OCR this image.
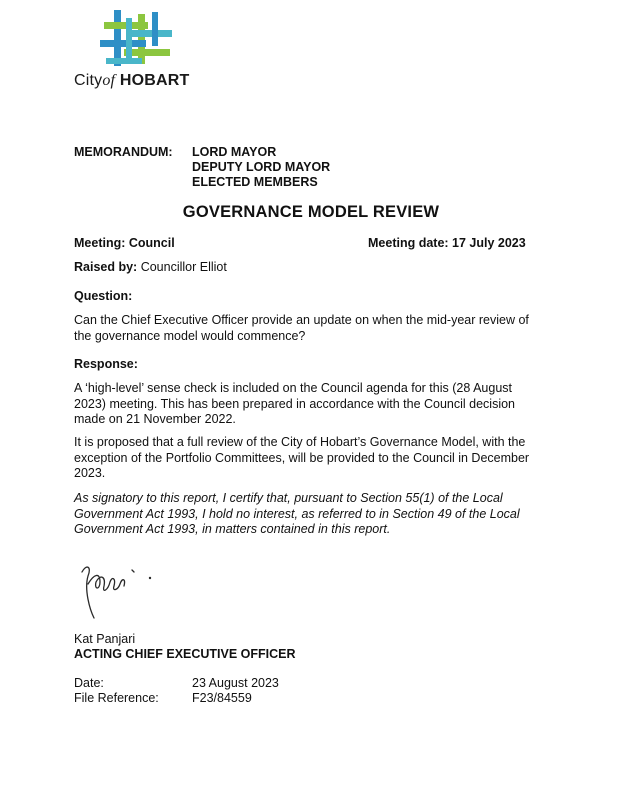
Cityof HOBART
MEMORANDUM: LORD MAYOR
DEPUTY LORD MAYOR
ELECTED MEMBERS
GOVERNANCE MODEL REVIEW
Meeting: Council	Meeting date: 17 July 2023
Raised by: Councillor Elliot
Question:
Can the Chief Executive Officer provide an update on when the mid-year review of the governance model would commence?
Response:
A ‘high-level’ sense check is included on the Council agenda for this (28 August 2023) meeting. This has been prepared in accordance with the Council decision made on 21 November 2022.
It is proposed that a full review of the City of Hobart’s Governance Model, with the exception of the Portfolio Committees, will be provided to the Council in December 2023.
As signatory to this report, I certify that, pursuant to Section 55(1) of the Local Government Act 1993, I hold no interest, as referred to in Section 49 of the Local Government Act 1993, in matters contained in this report.
Kat Panjari
ACTING CHIEF EXECUTIVE OFFICER
Date:	23 August 2023
File Reference:	F23/84559
